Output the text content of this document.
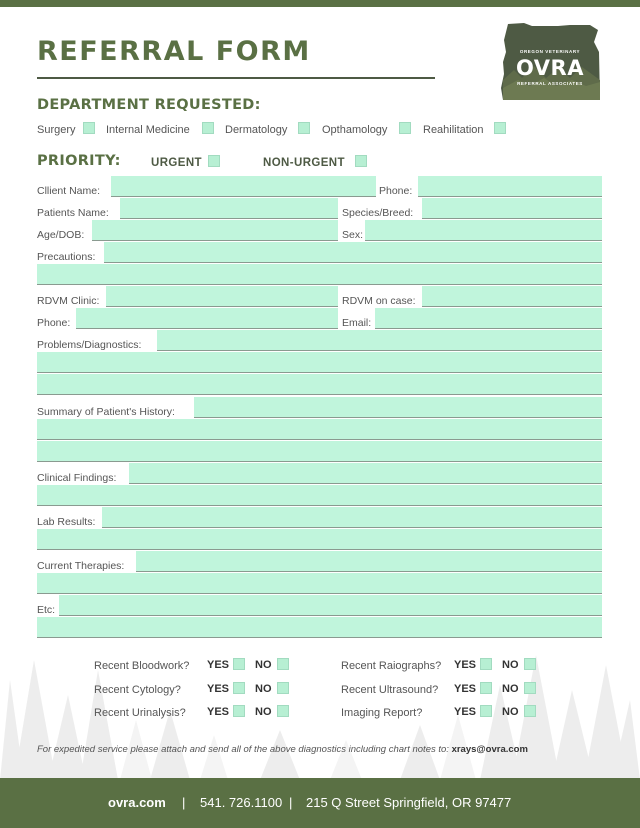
REFERRAL FORM	OREGON VETERINARY
OVRA
REFERRAL ASSOCIATES
DEPARTMENT REQUESTED:
Surgery	Internal Medicine	Dermatology	Opthamology	Reahilitation
PRIORITY:	URGENT	NON-URGENT
Cllient Name:	Phone:
Patients Name:	Species/Breed:
Age/DOB:	Sex:
Precautions:
RDVM Clinic:	RDVM on case:
Phone:	Email:
Problems/Diagnostics:
Summary of Patient's History:
Clinical Findings:
Lab Results:
Current Therapies:
Etc:
Recent Bloodwork? YES NO	Recent Raiographs? YES NO
Recent Cytology? YES NO	Recent Ultrasound? YES NO
Recent Urinalysis? YES NO	Imaging Report?	YES NO
For expedited service please attach and send all of the above diagnostics including chart notes to: xrays@ovra.com
ovra.com | 541. 726.1100 | 215 Q Street Springfield, OR 97477
